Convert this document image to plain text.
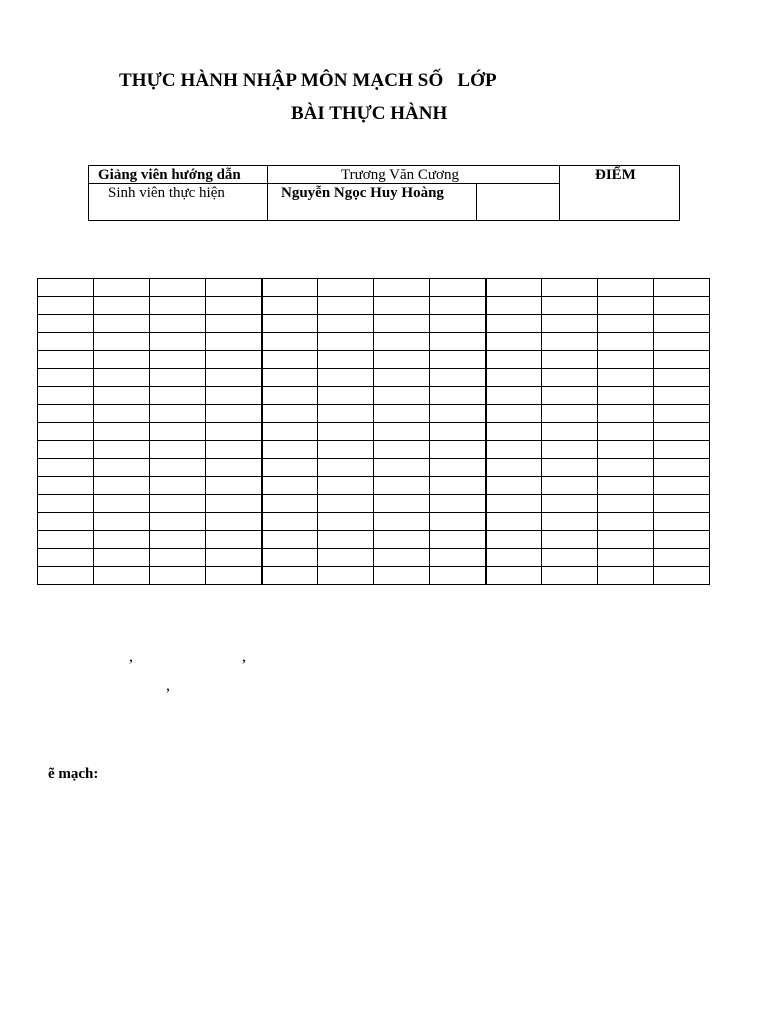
THỰC HÀNH NHẬP MÔN MẠCH SỐ LỚP
BÀI THỰC HÀNH
Giảng viên hướng dẫn	Trương Văn Cương	ĐIỂM
Sinh viên thực hiện	Nguyễn Ngọc Huy Hoàng

,	,
,
ẽ mạch:
